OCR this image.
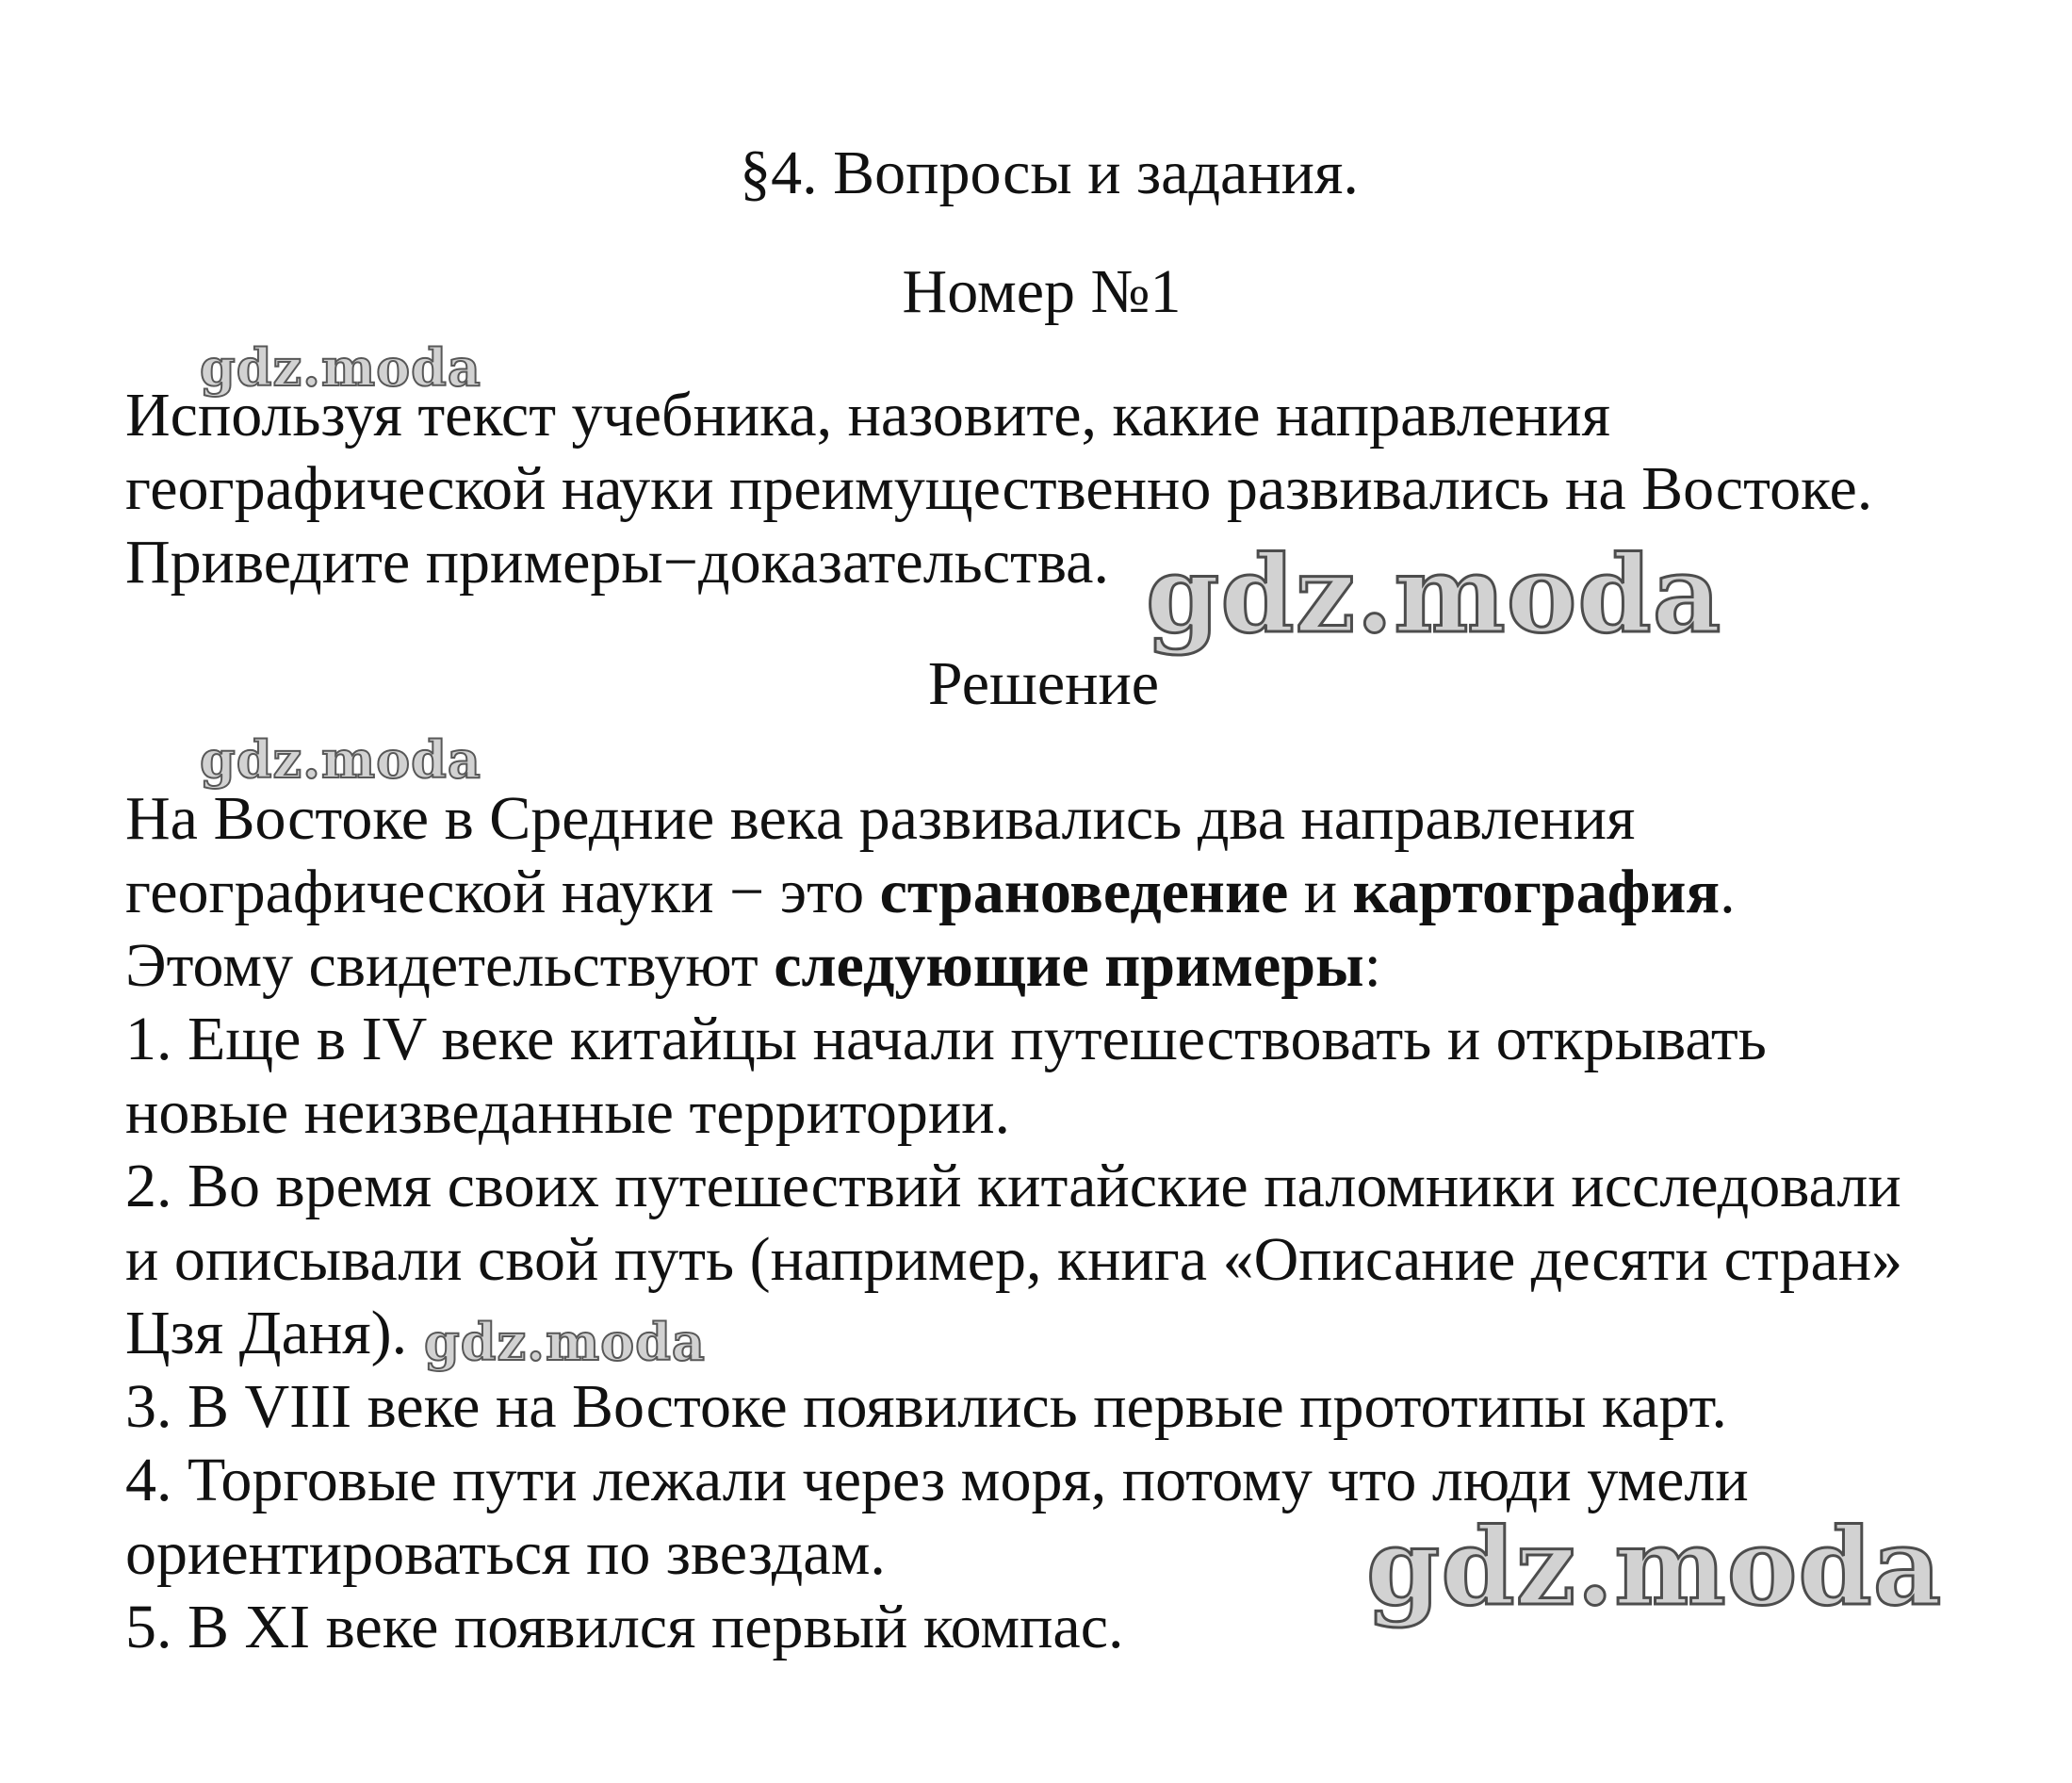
§4. Вопросы и задания.
Номер №1
Используя текст учебника, назовите, какие направления
географической науки преимущественно развивались на Востоке.
Приведите примеры−доказательства.
Решение
На Востоке в Средние века развивались два направления
географической науки − это страноведение и картография.
Этому свидетельствуют следующие примеры:
1. Еще в IV веке китайцы начали путешествовать и открывать
новые неизведанные территории.
2. Во время своих путешествий китайские паломники исследовали
и описывали свой путь (например, книга «Описание десяти стран»
Цзя Даня).
3. В VIII веке на Востоке появились первые прототипы карт.
4. Торговые пути лежали через моря, потому что люди умели
ориентироваться по звездам.
5. В XI веке появился первый компас.
gdz.moda
gdz.moda
gdz.moda
gdz.moda
gdz.moda
